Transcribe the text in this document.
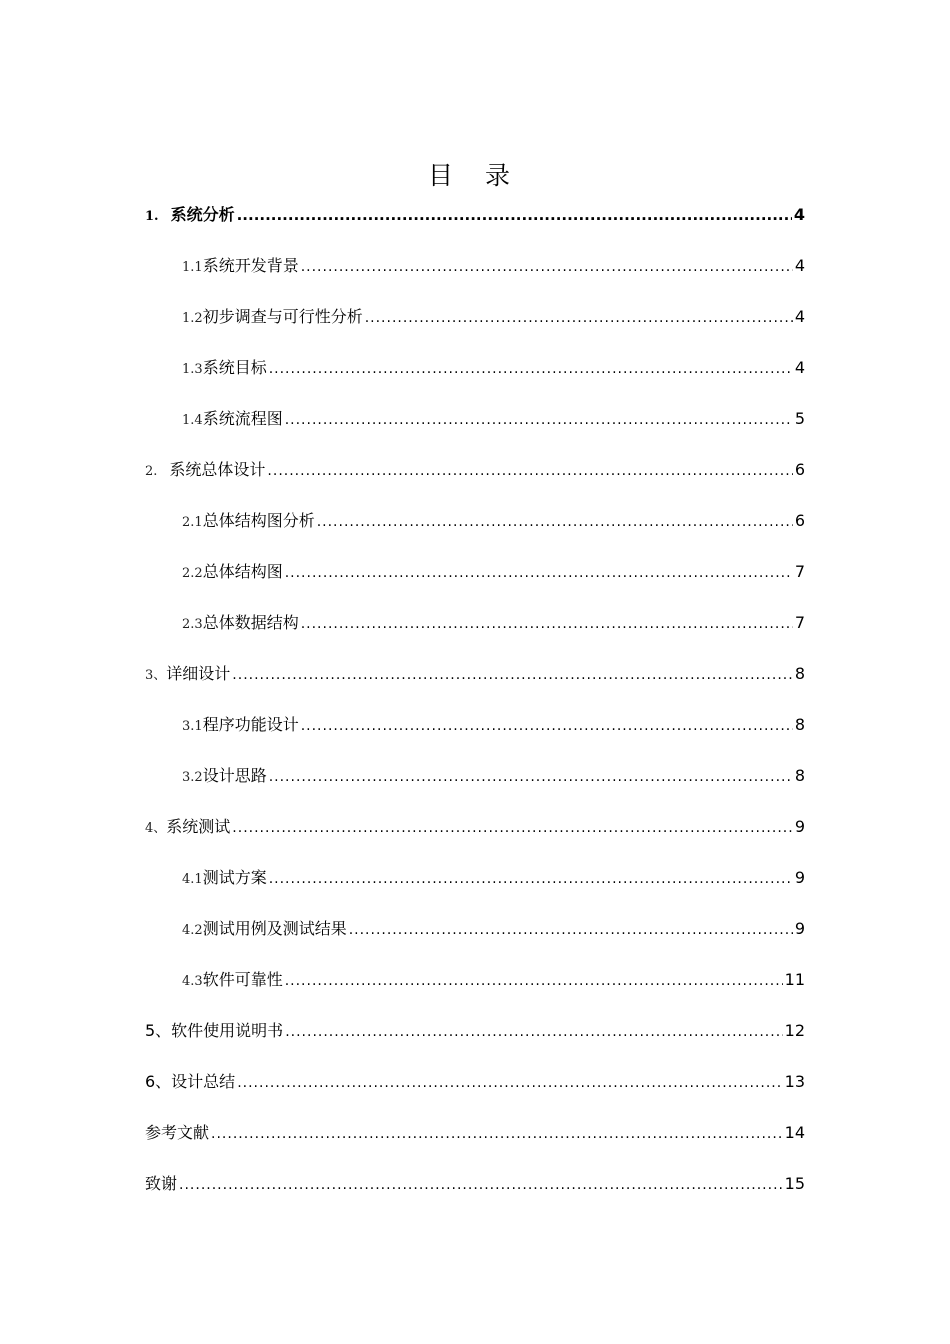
目 录
1. 系统分析 .....	4
1.1 系统开发背景 .....	4
1.2 初步调查与可行性分析 .....	4
1.3 系统目标 .....	4
1.4 系统流程图 .....	5
2. 系统总体设计 .....	6
2.1 总体结构图分析 .....	6
2.2 总体结构图 .....	7
2.3 总体数据结构 .....	7
3、 详细设计 .....	8
3.1 程序功能设计 .....	8
3.2 设计思路 .....	8
4、 系统测试 .....	9
4.1 测试方案 .....	9
4.2 测试用例及测试结果 .....	9
4.3 软件可靠性 .....	11
5、软件使用说明书 .....	12
6、设计总结 .....	13
参考文献 .....	14
致谢 .....	15
